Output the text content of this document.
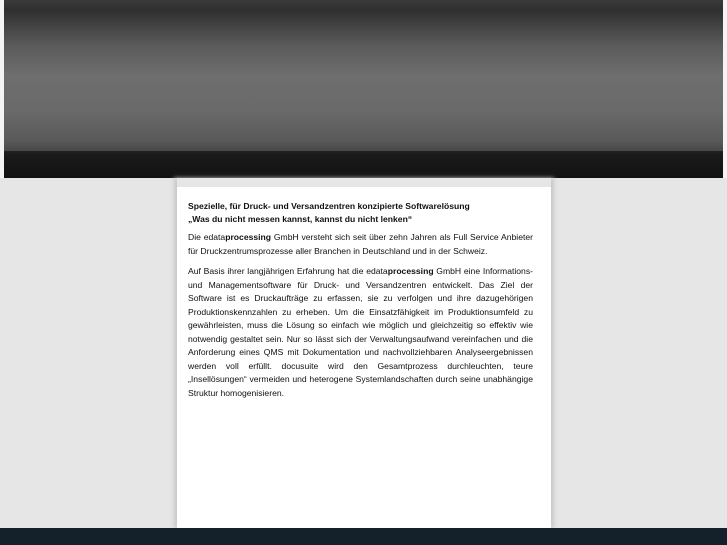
Spezielle, für Druck- und Versandzentren konzipierte Softwarelösung
„Was du nicht messen kannst, kannst du nicht lenken“

Die edataprocessing GmbH versteht sich seit über zehn Jahren als Full Service Anbieter für Druckzentrumsprozesse aller Branchen in Deutschland und in der Schweiz.

Auf Basis ihrer langjährigen Erfahrung hat die edataprocessing GmbH eine Informations- und Managementsoftware für Druck- und Versandzentren entwickelt. Das Ziel der Software ist es Druckaufträge zu erfassen, sie zu verfolgen und ihre dazugehörigen Produktionskennzahlen zu erheben. Um die Einsatzfähigkeit im Produktionsumfeld zu gewährleisten, muss die Lösung so einfach wie möglich und gleichzeitig so effektiv wie notwendig gestaltet sein. Nur so lässt sich der Verwaltungsaufwand vereinfachen und die Anforderung eines QMS mit Dokumentation und nachvollziehbaren Analyseergebnissen werden voll erfüllt. docusuite wird den Gesamtprozess durchleuchten, teure „Insellösungen“ vermeiden und heterogene Systemlandschaften durch seine unabhängige Struktur homogenisieren.
